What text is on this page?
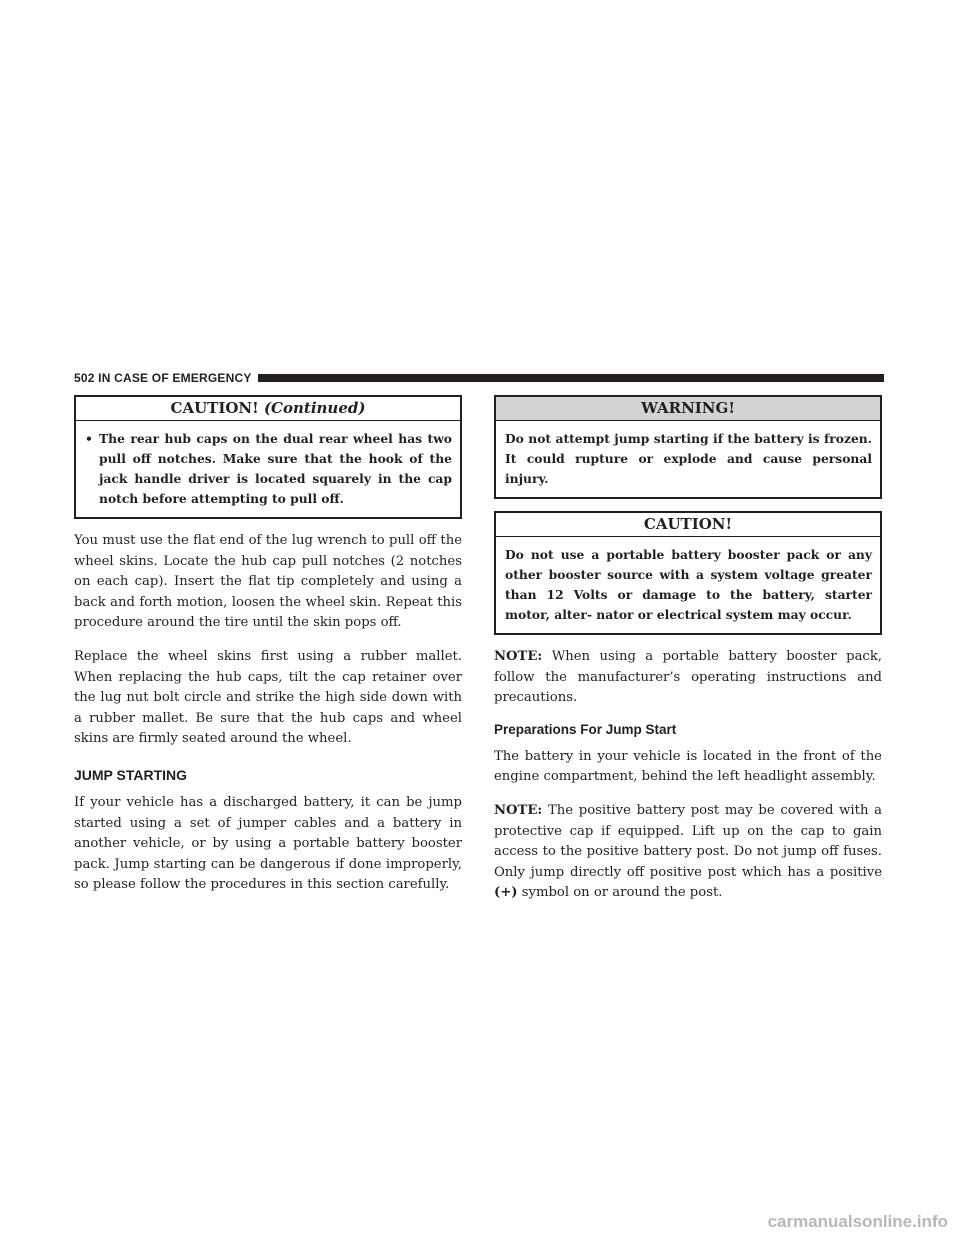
502 IN CASE OF EMERGENCY
CAUTION! (Continued)
• The rear hub caps on the dual rear wheel has two pull off notches. Make sure that the hook of the jack handle driver is located squarely in the cap notch before attempting to pull off.

You must use the flat end of the lug wrench to pull off the wheel skins. Locate the hub cap pull notches (2 notches on each cap). Insert the flat tip completely and using a back and forth motion, loosen the wheel skin. Repeat this procedure around the tire until the skin pops off.

Replace the wheel skins first using a rubber mallet. When replacing the hub caps, tilt the cap retainer over the lug nut bolt circle and strike the high side down with a rubber mallet. Be sure that the hub caps and wheel skins are firmly seated around the wheel.

JUMP STARTING

If your vehicle has a discharged battery, it can be jump started using a set of jumper cables and a battery in another vehicle, or by using a portable battery booster pack. Jump starting can be dangerous if done improperly, so please follow the procedures in this section carefully.

WARNING!
Do not attempt jump starting if the battery is frozen. It could rupture or explode and cause personal injury.
CAUTION!
Do not use a portable battery booster pack or any other booster source with a system voltage greater than 12 Volts or damage to the battery, starter motor, alter- nator or electrical system may occur.

NOTE: When using a portable battery booster pack, follow the manufacturer’s operating instructions and precautions.

Preparations For Jump Start

The battery in your vehicle is located in the front of the engine compartment, behind the left headlight assembly.

NOTE: The positive battery post may be covered with a protective cap if equipped. Lift up on the cap to gain access to the positive battery post. Do not jump off fuses. Only jump directly off positive post which has a positive (+) symbol on or around the post.

carmanualsonline.info
